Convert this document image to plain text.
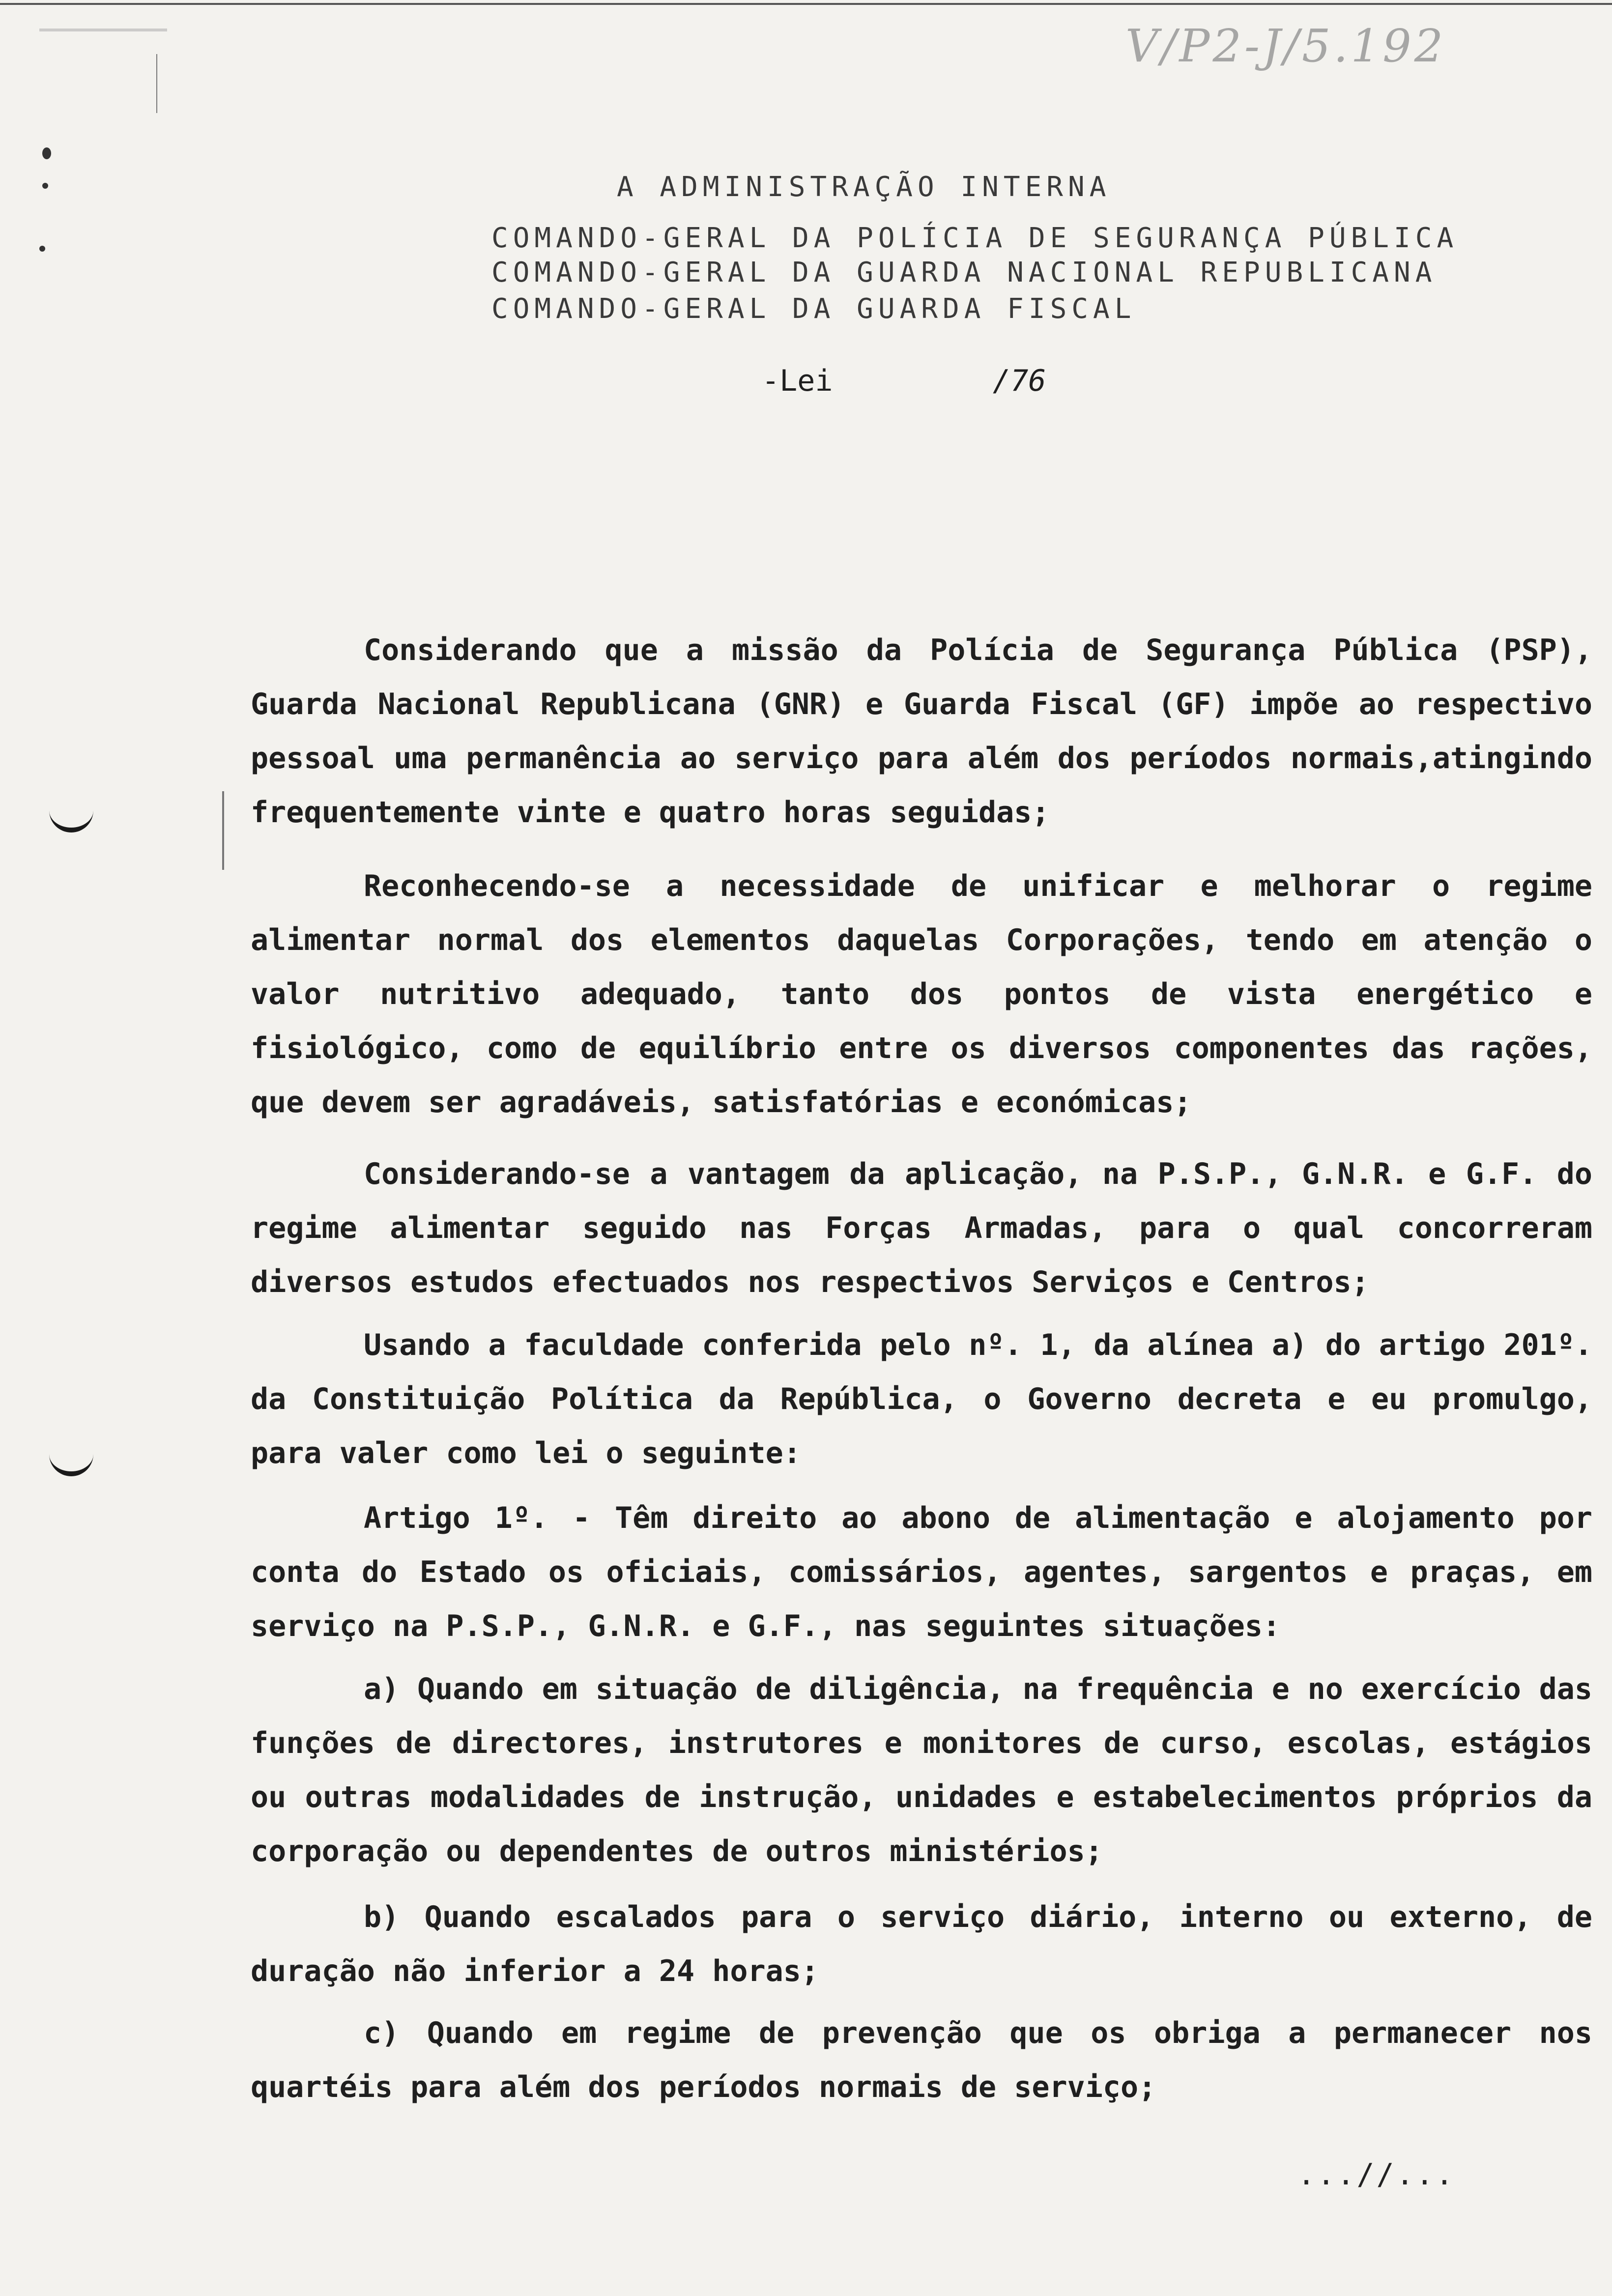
V/P2-J/5.192
A ADMINISTRAÇÃO INTERNA
COMANDO-GERAL DA POLÍCIA DE SEGURANÇA PÚBLICA
COMANDO-GERAL DA GUARDA NACIONAL REPUBLICANA
COMANDO-GERAL DA GUARDA FISCAL
-Lei	/76

Considerando que a missão da Polícia de Segurança Pública (PSP), Guarda Nacional Republicana (GNR) e Guarda Fiscal (GF) impõe ao respectivo pessoal uma permanência ao serviço para além dos períodos normais,atingindo frequentemente vinte e quatro horas seguidas;

Reconhecendo-se a necessidade de unificar e melhorar o regime alimentar normal dos elementos daquelas Corporações, tendo em atenção o valor nutritivo adequado, tanto dos pontos de vista energético e fisiológico, como de equilíbrio entre os diversos componentes das rações, que devem ser agradáveis, satisfatórias e económicas;

Considerando-se a vantagem da aplicação, na P.S.P., G.N.R. e G.F. do regime alimentar seguido nas Forças Armadas, para o qual concorreram diversos estudos efectuados nos respectivos Serviços e Centros;

Usando a faculdade conferida pelo nº. 1, da alínea a) do artigo 201º. da Constituição Política da República, o Governo decreta e eu promulgo, para valer como lei o seguinte:

Artigo 1º. - Têm direito ao abono de alimentação e alojamento por conta do Estado os oficiais, comissários, agentes, sargentos e praças, em serviço na P.S.P., G.N.R. e G.F., nas seguintes situações:

a) Quando em situação de diligência, na frequência e no exercício das funções de directores, instrutores e monitores de curso, escolas, estágios ou outras modalidades de instrução, unidades e estabelecimentos próprios da corporação ou dependentes de outros ministérios;

b) Quando escalados para o serviço diário, interno ou externo, de duração não inferior a 24 horas;

c) Quando em regime de prevenção que os obriga a permanecer nos quartéis para além dos períodos normais de serviço;

...//...
